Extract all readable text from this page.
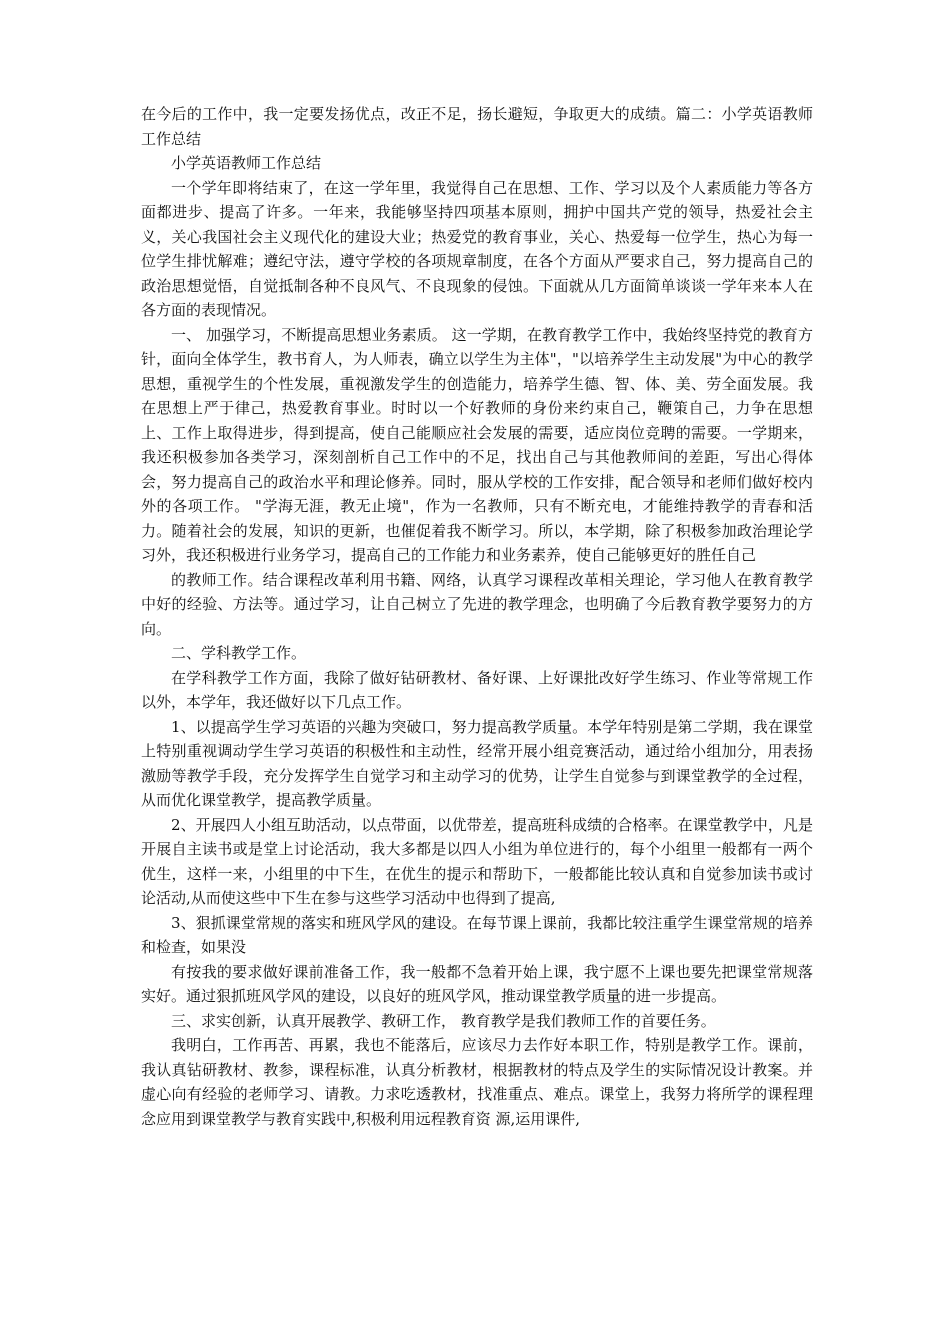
在今后的工作中，我一定要发扬优点，改正不足，扬长避短，争取更大的成绩。篇二：小学英语教师工作总结

小学英语教师工作总结

一个学年即将结束了，在这一学年里，我觉得自己在思想、工作、学习以及个人素质能力等各方面都进步、提高了许多。一年来，我能够坚持四项基本原则，拥护中国共产党的领导，热爱社会主义，关心我国社会主义现代化的建设大业；热爱党的教育事业，关心、热爱每一位学生，热心为每一位学生排忧解难；遵纪守法，遵守学校的各项规章制度，在各个方面从严要求自己，努力提高自己的政治思想觉悟，自觉抵制各种不良风气、不良现象的侵蚀。下面就从几方面简单谈谈一学年来本人在各方面的表现情况。

一、 加强学习，不断提高思想业务素质。 这一学期，在教育教学工作中，我始终坚持党的教育方针，面向全体学生，教书育人，为人师表，确立以学生为主体"，"以培养学生主动发展"为中心的教学思想，重视学生的个性发展，重视激发学生的创造能力，培养学生德、智、体、美、劳全面发展。我在思想上严于律己，热爱教育事业。时时以一个好教师的身份来约束自己，鞭策自己，力争在思想上、工作上取得进步，得到提高，使自己能顺应社会发展的需要，适应岗位竞聘的需要。一学期来，我还积极参加各类学习，深刻剖析自己工作中的不足，找出自己与其他教师间的差距，写出心得体会，努力提高自己的政治水平和理论修养。同时，服从学校的工作安排，配合领导和老师们做好校内外的各项工作。 "学海无涯，教无止境"，作为一名教师，只有不断充电，才能维持教学的青春和活力。随着社会的发展，知识的更新，也催促着我不断学习。所以，本学期，除了积极参加政治理论学习外，我还积极进行业务学习，提高自己的工作能力和业务素养，使自己能够更好的胜任自己

的教师工作。结合课程改革利用书籍、网络，认真学习课程改革相关理论，学习他人在教育教学中好的经验、方法等。通过学习，让自己树立了先进的教学理念，也明确了今后教育教学要努力的方向。

二、学科教学工作。

在学科教学工作方面，我除了做好钻研教材、备好课、上好课批改好学生练习、作业等常规工作以外，本学年，我还做好以下几点工作。

1、以提高学生学习英语的兴趣为突破口，努力提高教学质量。本学年特别是第二学期，我在课堂上特别重视调动学生学习英语的积极性和主动性，经常开展小组竞赛活动，通过给小组加分，用表扬激励等教学手段，充分发挥学生自觉学习和主动学习的优势，让学生自觉参与到课堂教学的全过程，从而优化课堂教学，提高教学质量。

2、开展四人小组互助活动，以点带面，以优带差，提高班科成绩的合格率。在课堂教学中，凡是开展自主读书或是堂上讨论活动，我大多都是以四人小组为单位进行的，每个小组里一般都有一两个优生，这样一来，小组里的中下生，在优生的提示和帮助下，一般都能比较认真和自觉参加读书或讨论活动,从而使这些中下生在参与这些学习活动中也得到了提高,

3、狠抓课堂常规的落实和班风学风的建设。在每节课上课前，我都比较注重学生课堂常规的培养和检查，如果没

有按我的要求做好课前准备工作，我一般都不急着开始上课，我宁愿不上课也要先把课堂常规落实好。通过狠抓班风学风的建设，以良好的班风学风，推动课堂教学质量的进一步提高。

三、求实创新，认真开展教学、教研工作， 教育教学是我们教师工作的首要任务。

我明白，工作再苦、再累，我也不能落后，应该尽力去作好本职工作，特别是教学工作。课前，我认真钻研教材、教参，课程标准，认真分析教材，根据教材的特点及学生的实际情况设计教案。并虚心向有经验的老师学习、请教。力求吃透教材，找准重点、难点。课堂上，我努力将所学的课程理念应用到课堂教学与教育实践中,积极利用远程教育资 源,运用课件,
